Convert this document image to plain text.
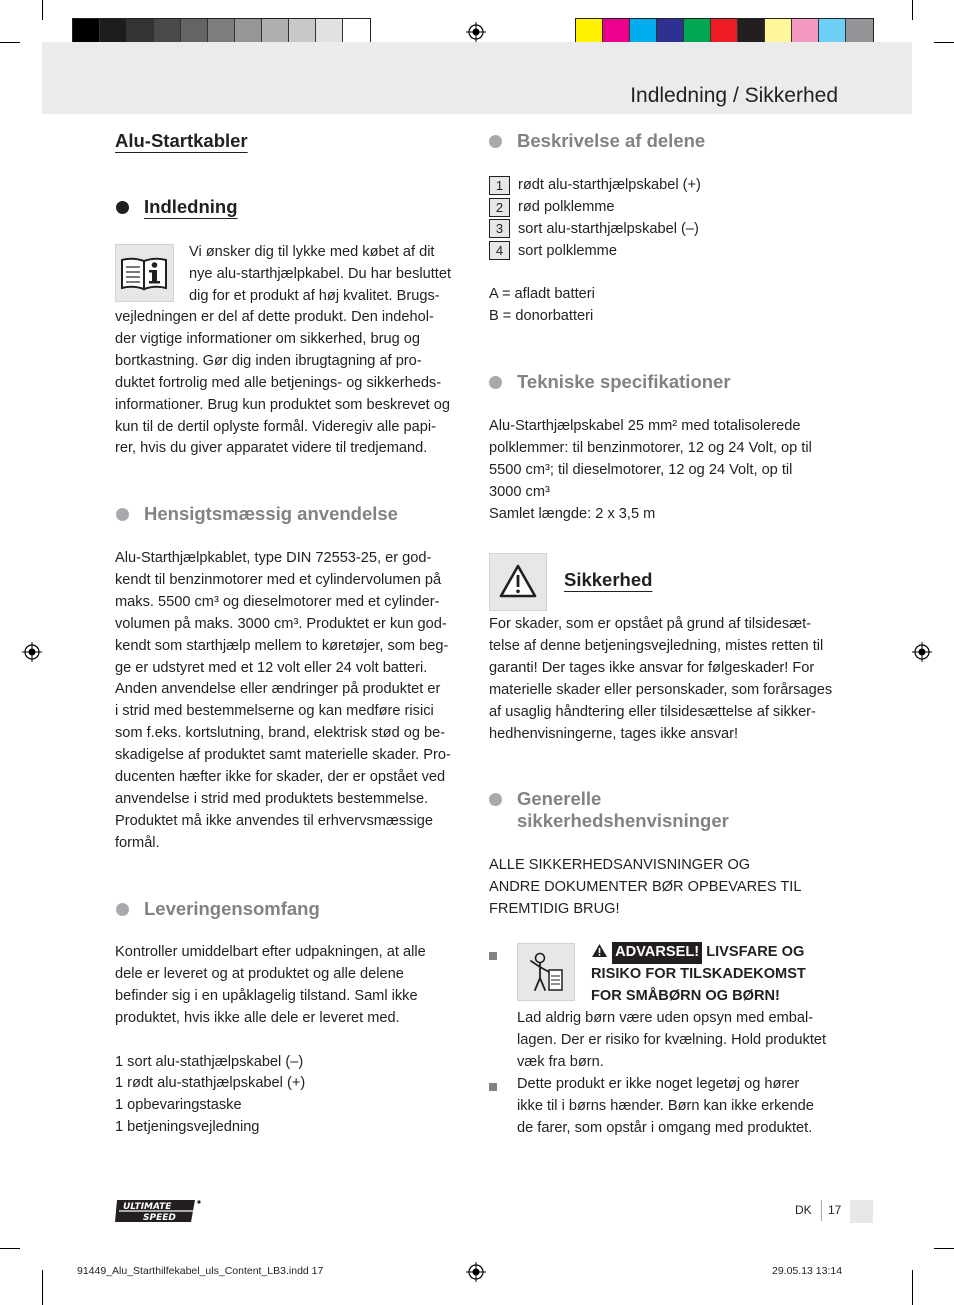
Indledning / Sikkerhed
Alu-Startkabler
Indledning

Vi ønsker dig til lykke med købet af dit

nye alu-starthjælpkabel. Du har besluttet

dig for et produkt af høj kvalitet. Brugs-

vejledningen er del af dette produkt. Den indehol-

der vigtige informationer om sikkerhed, brug og

bortkastning. Gør dig inden ibrugtagning af pro-

duktet fortrolig med alle betjenings- og sikkerheds-

informationer. Brug kun produktet som beskrevet og

kun til de dertil oplyste formål. Videregiv alle papi-

rer, hvis du giver apparatet videre til tredjemand.

Hensigtsmæssig anvendelse

Alu-Starthjælpkablet, type DIN 72553-25, er god-

kendt til benzinmotorer med et cylindervolumen på

maks. 5500 cm³ og dieselmotorer med et cylinder-

volumen på maks. 3000 cm³. Produktet er kun god-

kendt som starthjælp mellem to køretøjer, som beg-

ge er udstyret med et 12 volt eller 24 volt batteri.

Anden anvendelse eller ændringer på produktet er

i strid med bestemmelserne og kan medføre risici

som f.eks. kortslutning, brand, elektrisk stød og be-

skadigelse af produktet samt materielle skader. Pro-

ducenten hæfter ikke for skader, der er opstået ved

anvendelse i strid med produktets bestemmelse.

Produktet må ikke anvendes til erhvervsmæssige

formål.

Leveringensomfang

Kontroller umiddelbart efter udpakningen, at alle

dele er leveret og at produktet og alle delene

befinder sig i en upåklagelig tilstand. Saml ikke

produktet, hvis ikke alle dele er leveret med.

1 sort alu-stathjælpskabel (–)

1 rødt alu-stathjælpskabel (+)

1 opbevaringstaske

1 betjeningsvejledning

Beskrivelse af delene
1 rødt alu-starthjælpskabel (+)
2 rød polklemme
3 sort alu-starthjælpskabel (–)
4 sort polklemme

A = afladt batteri

B = donorbatteri

Tekniske specifikationer

Alu-Starthjælpskabel 25 mm² med totalisolerede

polklemmer: til benzinmotorer, 12 og 24 Volt, op til

5500 cm³; til dieselmotorer, 12 og 24 Volt, op til

3000 cm³

Samlet længde: 2 x 3,5 m

Sikkerhed

For skader, som er opstået på grund af tilsidesæt-

telse af denne betjeningsvejledning, mistes retten til

garanti! Der tages ikke ansvar for følgeskader! For

materielle skader eller personskader, som forårsages

af usaglig håndtering eller tilsidesættelse af sikker-

hedhenvisningerne, tages ikke ansvar!

Generelle
sikkerhedshenvisninger

ALLE SIKKERHEDSANVISNINGER OG

ANDRE DOKUMENTER BØR OPBEVARES TIL

FREMTIDIG BRUG!

ADVARSEL! LIVSFARE OG

RISIKO FOR TILSKADEKOMST

FOR SMÅBØRN OG BØRN!

Lad aldrig børn være uden opsyn med embal-

lagen. Der er risiko for kvælning. Hold produktet

væk fra børn.

Dette produkt er ikke noget legetøj og hører

ikke til i børns hænder. Børn kan ikke erkende

de farer, som opstår i omgang med produktet.

ULTIMATE
SPEED
DK 17
91449_Alu_Starthilfekabel_uls_Content_LB3.indd 17	29.05.13 13:14
